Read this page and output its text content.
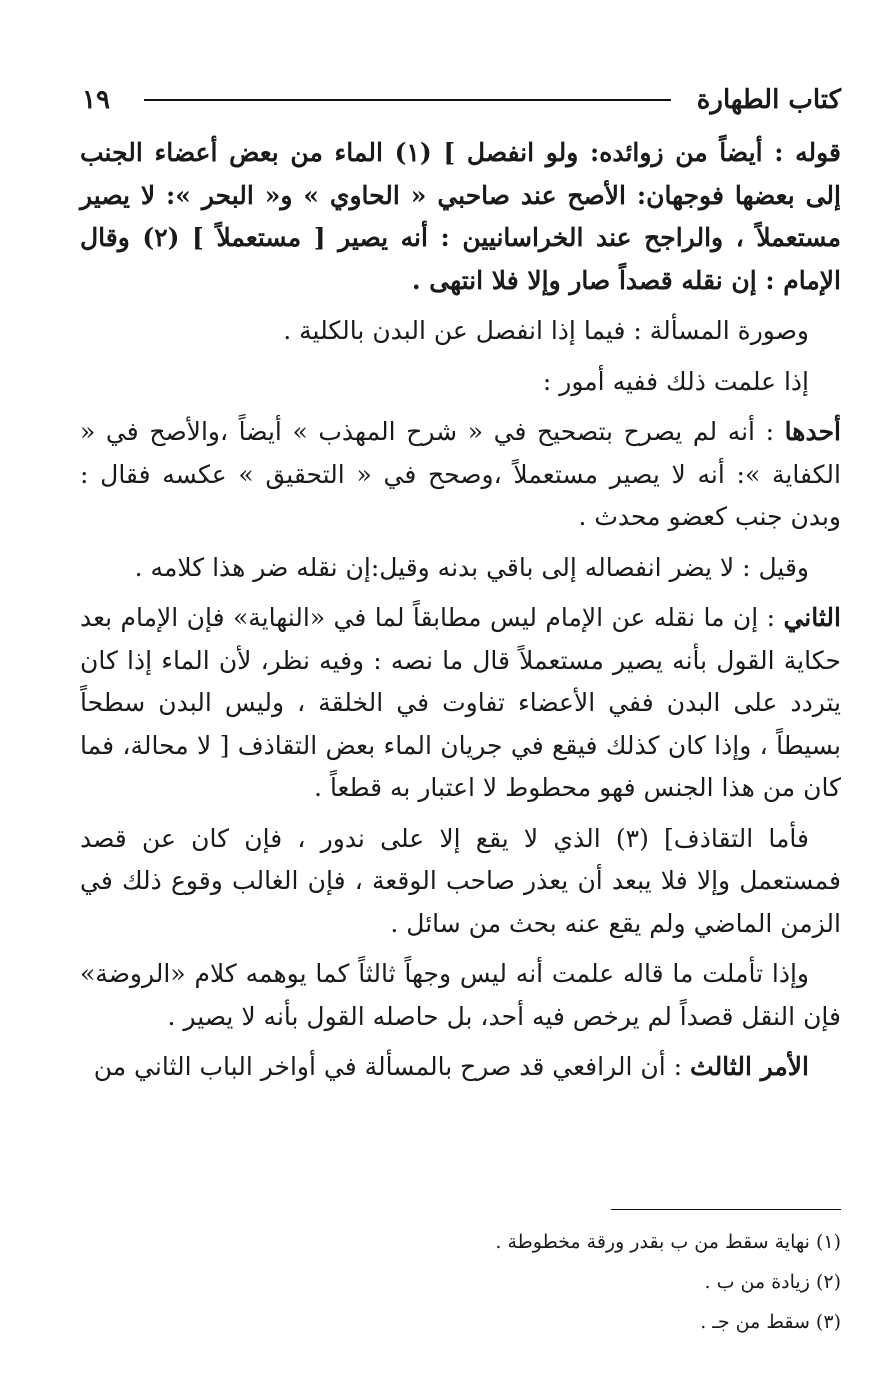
كتاب الطهارة
١٩

قوله : أيضاً من زوائده: ولو انفصل ] (١) الماء من بعض أعضاء الجنب إلى بعضها فوجهان: الأصح عند صاحبي « الحاوي » و« البحر »: لا يصير مستعملاً ، والراجح عند الخراسانيين : أنه يصير [ مستعملاً ] (٢) وقال الإمام : إن نقله قصداً صار وإلا فلا انتهى .

وصورة المسألة : فيما إذا انفصل عن البدن بالكلية .

إذا علمت ذلك ففيه أمور :

أحدها : أنه لم يصرح بتصحيح في « شرح المهذب » أيضاً ،والأصح في « الكفاية »: أنه لا يصير مستعملاً ،وصحح في « التحقيق » عكسه فقال : وبدن جنب كعضو محدث .

وقيل : لا يضر انفصاله إلى باقي بدنه وقيل:إن نقله ضر هذا كلامه .

الثاني : إن ما نقله عن الإمام ليس مطابقاً لما في «النهاية» فإن الإمام بعد حكاية القول بأنه يصير مستعملاً قال ما نصه : وفيه نظر، لأن الماء إذا كان يتردد على البدن ففي الأعضاء تفاوت في الخلقة ، وليس البدن سطحاً بسيطاً ، وإذا كان كذلك فيقع في جريان الماء بعض التقاذف [ لا محالة، فما كان من هذا الجنس فهو محطوط لا اعتبار به قطعاً .

فأما التقاذف] (٣) الذي لا يقع إلا على ندور ، فإن كان عن قصد فمستعمل وإلا فلا يبعد أن يعذر صاحب الوقعة ، فإن الغالب وقوع ذلك في الزمن الماضي ولم يقع عنه بحث من سائل .

وإذا تأملت ما قاله علمت أنه ليس وجهاً ثالثاً كما يوهمه كلام «الروضة» فإن النقل قصداً لم يرخص فيه أحد، بل حاصله القول بأنه لا يصير .

الأمر الثالث : أن الرافعي قد صرح بالمسألة في أواخر الباب الثاني من

(١) نهاية سقط من ب بقدر ورقة مخطوطة .

(٢) زيادة من ب .

(٣) سقط من جـ .
